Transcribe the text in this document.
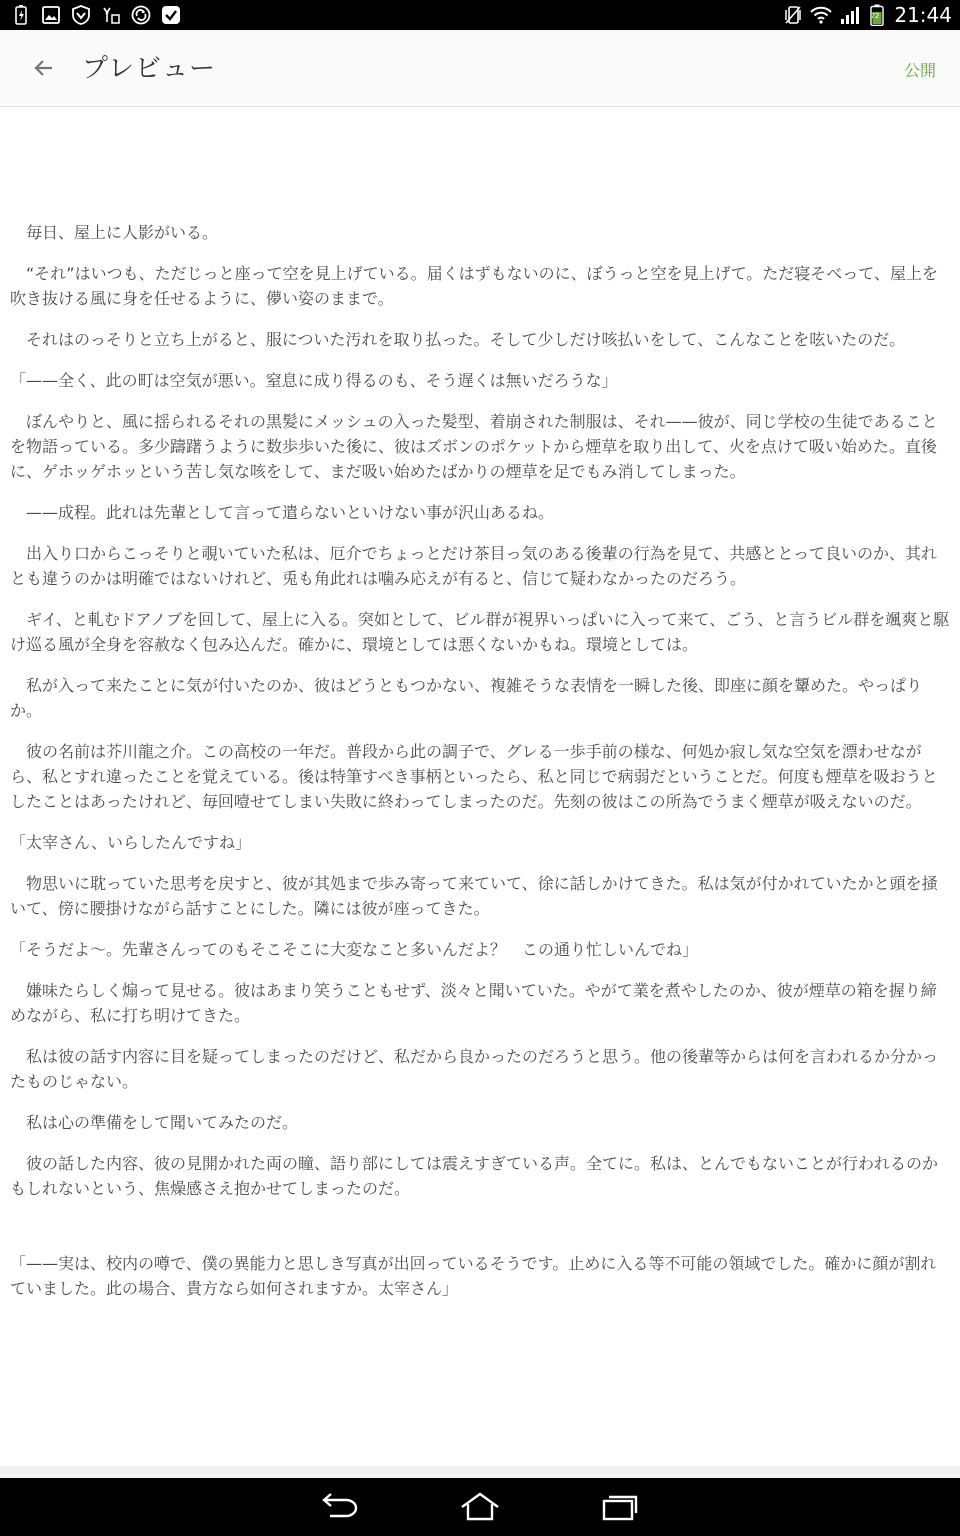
72 21:44
プレビュー	公開

　毎日、屋上に人影がいる。

　“それ”はいつも、ただじっと座って空を見上げている。届くはずもないのに、ぼうっと空を見上げて。ただ寝そべって、屋上を吹き抜ける風に身を任せるように、儚い姿のままで。

　それはのっそりと立ち上がると、服についた汚れを取り払った。そして少しだけ咳払いをして、こんなことを呟いたのだ。

「——全く、此の町は空気が悪い。窒息に成り得るのも、そう遅くは無いだろうな」

　ぼんやりと、風に揺られるそれの黒髪にメッシュの入った髪型、着崩された制服は、それ——彼が、同じ学校の生徒であることを物語っている。多少躊躇うように数歩歩いた後に、彼はズボンのポケットから煙草を取り出して、火を点けて吸い始めた。直後に、ゲホッゲホッという苦し気な咳をして、まだ吸い始めたばかりの煙草を足でもみ消してしまった。

　——成程。此れは先輩として言って遣らないといけない事が沢山あるね。

　出入り口からこっそりと覗いていた私は、厄介でちょっとだけ茶目っ気のある後輩の行為を見て、共感ととって良いのか、其れとも違うのかは明確ではないけれど、兎も角此れは噛み応えが有ると、信じて疑わなかったのだろう。

　ギイ、と軋むドアノブを回して、屋上に入る。突如として、ビル群が視界いっぱいに入って来て、ごう、と言うビル群を颯爽と駆け巡る風が全身を容赦なく包み込んだ。確かに、環境としては悪くないかもね。環境としては。

　私が入って来たことに気が付いたのか、彼はどうともつかない、複雑そうな表情を一瞬した後、即座に顔を顰めた。やっぱりか。

　彼の名前は芥川龍之介。この高校の一年だ。普段から此の調子で、グレる一歩手前の様な、何処か寂し気な空気を漂わせながら、私とすれ違ったことを覚えている。後は特筆すべき事柄といったら、私と同じで病弱だということだ。何度も煙草を吸おうとしたことはあったけれど、毎回噎せてしまい失敗に終わってしまったのだ。先刻の彼はこの所為でうまく煙草が吸えないのだ。

「太宰さん、いらしたんですね」

　物思いに耽っていた思考を戻すと、彼が其処まで歩み寄って来ていて、徐に話しかけてきた。私は気が付かれていたかと頭を掻いて、傍に腰掛けながら話すことにした。隣には彼が座ってきた。

「そうだよ〜。先輩さんってのもそこそこに大変なこと多いんだよ？　この通り忙しいんでね」

　嫌味たらしく煽って見せる。彼はあまり笑うこともせず、淡々と聞いていた。やがて業を煮やしたのか、彼が煙草の箱を握り締めながら、私に打ち明けてきた。

　私は彼の話す内容に目を疑ってしまったのだけど、私だから良かったのだろうと思う。他の後輩等からは何を言われるか分かったものじゃない。

　私は心の準備をして聞いてみたのだ。

　彼の話した内容、彼の見開かれた両の瞳、語り部にしては震えすぎている声。全てに。私は、とんでもないことが行われるのかもしれないという、焦燥感さえ抱かせてしまったのだ。

「——実は、校内の噂で、僕の異能力と思しき写真が出回っているそうです。止めに入る等不可能の領域でした。確かに顔が割れていました。此の場合、貴方なら如何されますか。太宰さん」
